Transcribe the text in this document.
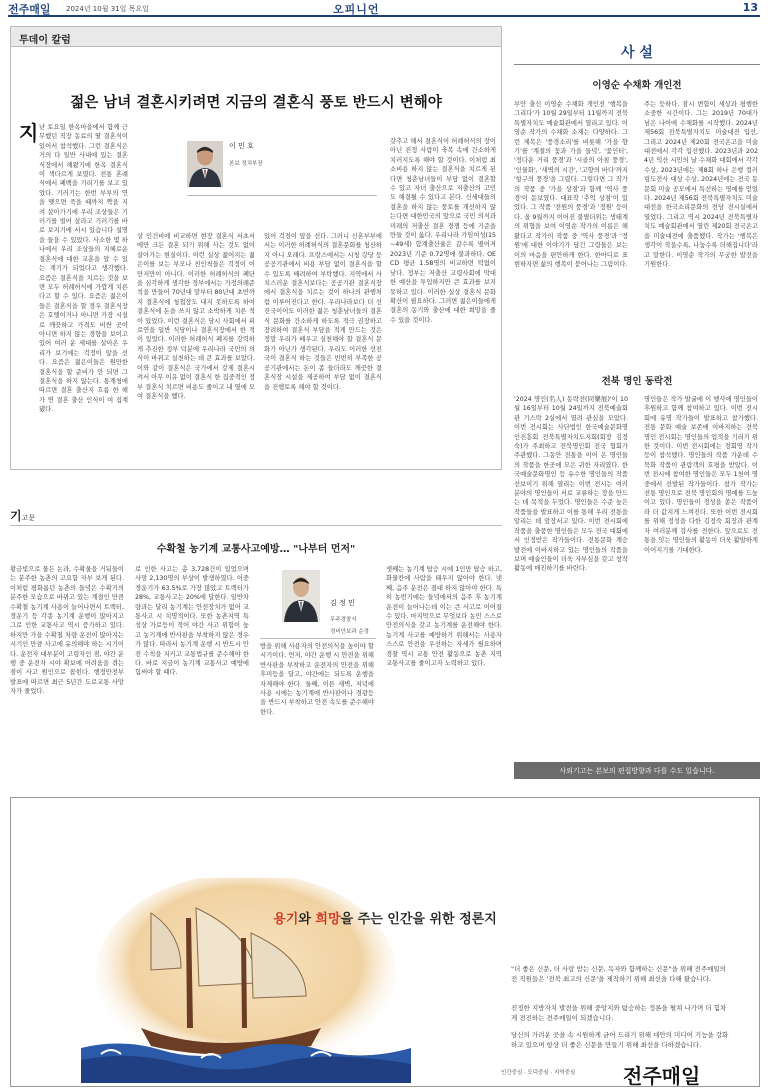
전주매일 2024년 10월 31일 목요일	오피니언	13
투데이 칼럼
젊은 남녀 결혼시키려면 지금의 결혼식 풍토 반드시 변해야
지 난 토요일 한옥마을에서 함께 근무했던 직장 동료의 딸 결혼식이 있어서 참석했다. 그런 결혼식은 거의 다 일반 사내에 있는 결혼식장에서 해왔기에 한옥 결혼식이 색다르게 보였다. 전통 혼례식에서 폐백을 기리기를 보고 있었다. 기러기는 한번 부부의 연을 맺으면 죽을 때까지 짝을 지켜 살아가기에 우리 조상들은 기러기를 빌어 살라고 기러기를 바로 보지기에 서시 있습니다 설명을 들을 수 있었다. 사소한 몇 하나에서 우리 조상들의 지혜로운 결혼식에 대한 교훈을 알 수 있는 계기가 되었다고 생각했다. 요즘은 결혼식을 치르는 것을 보면 모두 허례허식에 가깝게 치른다고 할 수 있다. 요즘은 젊은이들은 결혼식을 할 경우 결혼식장은 호텔이거나 아니면 가장 시설로 깨끗하고 가격도 비싼 곳이 아니면 하지 않는 경향을 보이고 있어 여러 운 세대를 살아온 우리가 보기에는 걱정이 앞을 선다. 요즘은 젊은이들은 원만한 결혼식을 할 준비가 안 되면 그 결혼식을 하지 않는다. 통계청에 따르면 결혼 출산지 흐름 한 해가 연 결혼 출산 인식이 여 집계됐다.

이 민 호
본보 정치부장

상 인건비에 비교하면 현장 결혼식 서초서에만 크든 결혼 되기 위해 사는 것도 없이 살아가는 현실이다. 이런 실상 젊어지는 젊은이를 보는 부모나 친인척들은 걱정이 이만저만이 아니다. 이러한 허례허식의 폐단을 심각하게 생각한 정부에서는 가정의례준칙을 만들어 70년대 말부터 80년대 초반까지 결혼식에 청첩장도 내지 못하도록 하여 결혼식에 돈을 쓰지 않고 소박하게 치른 적이 있었다. 이런 결혼식은 당시 사회에서 피로연을 일반 식당이나 결혼식장에서 한 적이 있었다. 이러한 허례허식 폐지를 강력하게 추진한 정부 덕분에 우리나라 국민의 의식이 바뀌고 실천하는 데 큰 효과를 보았다. 이와 같이 결혼식은 국가에서 강제 결혼시켜서 아무 이유 없이 결혼식 한 집중적인 정부 결혼식 치르면 비용도 줄이고 내 옆에 모여 결혼식을 했다.

있어 걱정이 앞을 선다. 그러니 신혼부부에서는 이러한 허례허식의 결혼문화를 청산하지 아니 오래다. 프랑스에서는 시청 강당 등 공공기관에서 비용 부담 없이 결혼식을 할 수 있도록 배려하여 부탁했다. 지역에서 사치스러운 결혼식보다는 공공기관 결혼식장에서 결혼식을 치르는 것이 하나의 관행처럼 이루어진다고 한다. 우리나라보다 더 선진국이어도 이러한 젊은 청춘남녀들의 결혼식 문화를 간소하게 하도록 적극 권장하고 장려하여 결혼식 부담을 적게 만드는 것은 정말 우리가 배우고 실천해야 할 결혼식 문화가 아닌가 생각된다. 우리도 이러한 선진국이 결혼식 하는 것들은 빈번히 부족한 공공기관에서는 돈이 좀 들더라도 깨끗한 결혼식장 시설을 제공하여 부담 없이 결혼식을 진행토록 해야 할 것이다.

갖추고 해서 결혼식이 허례허식의 장이 아닌 진정 사람이 축복 속에 간소하게 치러지도록 해야 할 것이다. 이처럼 최소비용 하지 않는 결혼식을 치르게 된다면 청춘남녀들이 부담 없이 결혼할 수 있고 자녀 출산으로 저출산의 고민도 해결될 수 있다고 본다. 신세대들의 결혼을 하지 않는 풍토를 개선하지 않는다면 대한민국의 앞으로 국민 의식과 미래의 저출산 결혼 경쟁 등에 기준을 만들 것이 옳다. 우리나라 가임여성(15~49세) 합계출산율은 갈수록 떨어져 2023년 기준 0.72명에 불과하다. OECD 평균 1.58명의 비교하면 턱없이 낮다. 정부는 저출산 고령사회에 막대한 예산을 투입하지만 큰 효과를 보지 못하고 있다. 이러한 실상 결혼식 문화 확산이 필요하다. 그러면 젊은이들에게 결혼의 동기와 출산에 대한 희망을 줄 수 있을 것이다.

사 설
이영순 수채화 개인전

부안 출신 이영순 수채화 개인전 '행복을 그리다'가 10월 29일부터 11월까지 전북특별자치도 예술회관에서 열리고 있다. 이영순 작가의 수채화 소재는 다양하다. 그런 제목은 '풍경소리'를 비롯해 '가을 향기'를 '계절의 꽃과 가을 들녘', '꽃인터', '정다운 거리 풍경'과 '시골의 아침 풍경', '인물화', '새벽의 시간', '고향의 바다'까지 '항구의 풍경'을 그렸다. 그렇다면 그 작가의 작품 중 '가을 상점'과 함께 '역사 풍경'이 돋보였다. 대표작 '추억 상점'이 있었다. 그 작품 '전원의 풍경'과 '정원' 등이다. 올 9월까지 이어진 불볕더위는 생태계의 위협을 보여 이영순 작가의 이름은 해왔다고 작가의 작품 중 '역사 풍경'과 '정원'에 대한 이야기가 담긴 그림들은 보는 이의 마음을 편안하게 한다. 한마디로 표현하자면 삶의 행복이 묻어나는 그림이다.

주는 듯하다. 잠시 변함이 세상과 평행한 소중한 시간이다. 그는 2019년 70대가 넘은 나이에 수채화를 시작했다. 2024년 제56회 전북특별자치도 미술대전 입선, 그리고 2024년 제20회 전국온고을 미술대전에서 각각 입선했다. 2023년과 2024년 익산 시민의 날 수채화 대회에서 각각 수상, 2023년에는 제8회 하나 은행 컬러링도전사 대상 수상, 2024년에는 전국 동문회 미술 공모에서 특선하는 영예를 얻었다. 2024년 제56회 전북특별자치도 미술대전을 한국소리문화의 전당 전시실에서 열었다. 그리고 역시 2024년 전북특별자치도 예술회관에서 열린 제20회 전국온고을 미술대전에 출품했다. 작가는 '행복은 생각이 작을수록, 나눔수록 더해집니다'라고 말한다. 이영순 작가의 무궁한 발전을 기원한다.

전북 명인 동락전

'2024 명인(名人) 동락전(同樂展)'이 10월 16일부터 10월 24일까지 전북예술회관 기스락 2실에서 열려 관심을 모았다. 이번 전시회는 사단법인 한국예술문화명인진흥회 전북특별자치도지회(회장 김정숙)가 주최하고 전북명인회 전국 협회가 주관했다. 그동안 전통을 이어 온 명인들의 작품을 한곳에 모은 귀한 자리였다. 한국예술문화명인 등 유수한 명인들의 작품 선보이기 위해 열리는 이번 전시는 여러 분야의 명인들이 서로 교류하는 장을 만드는 데 목적을 두었다. 명인들은 수준 높은 작품들을 발표하고 이를 통해 우리 전통을 알리는 데 앞장서고 있다. 이번 전시회에 작품을 출품한 명인들은 모두 전국 대회에서 인정받은 작가들이다. 전통문화 계승 발전에 이바지하고 있는 명인들의 작품을 보며 예술인들이 더욱 자부심을 갖고 창작 활동에 매진하기를 바란다.

명인들은 작가 발굴에 이 행사에 명인들이 후원하고 함께 참여하고 있다. 이번 전시회에 유명 작가들이 발표하고 참가했다. 전통 문화 예술 보존에 이바지하는 전북 명인 전시회는 명인들의 업적을 기리기 위한 것이다. 이번 전시회에는 정회영 작가 등이 참석했다. 명인들의 작품 가운데 수묵화 작품이 관람객의 호평을 받았다. 이번 전시에 참여한 명인들은 모두 1천여 명 중에서 선발된 작가들이다. 참가 작가는 전통 명인으로 전북 명인회의 명예를 드높이고 있다. 명인들이 정성을 쏟은 작품이라 더 값지게 느껴진다. 또한 이번 전시회를 위해 정성을 다한 김정숙 회장과 관계자 여러분께 감사를 전한다. 앞으로도 전통을 잇는 명인들의 활동이 더욱 활발하게 이어지기를 기대한다.

사외기고는 본보의 편집방향과 다를 수도 있습니다.
기고문
수확철 농기계 교통사고예방… "나부터 먼저"

황금빛으로 물든 논과, 수확물을 거둬들이는 분주한 농촌의 고요함 자부 보게 된다. 이처럼 평화롭던 농촌의 들녘은 수확기의 분주한 모습으로 바뀌고 있는 계절인 만큼 수확철 농기계 사용이 늘어나면서 트랙터, 경운기 등 각종 농기계 운행이 많아지고 그로 인한 교통사고 역시 증가하고 있다. 하지만 가을 수확철 차량 운전이 많아지는 시기인 만큼 사고에 유의해야 하는 시기이다. 운전자 대부분이 고령자인 점, 야간 운행 중 운전자 시야 확보에 어려움을 겪는 점이 사고 원인으로 꼽힌다. 행정안전부 발표에 따르면 최근 5년간 도로교통 사망자가 줄었다.

로 인한 사고는 총 3,728건이 있었으며 사망 2,130명의 부상이 발생하였다. 이중 경운기가 63.5%로 가장 많았고 트랙터가 28%, 교통사고는 20%에 달한다. 일반차량과는 달리 농기계는 안전장치가 없어 교통사고 시 치명적이다. 또한 농촌지역 특성상 가로등이 적어 야간 사고 위험이 높고 농기계에 반사판을 부착하지 않은 경우가 많다. 따라서 농기계 운행 시 반드시 안전 수칙을 지키고 교통법규를 준수해야 한다. 바로 지금이 농기계 교통사고 예방에 힘써야 할 때다.

김 정 민
무주경찰서
경비안보과 순경

방을 위해 사용자의 안전의식을 높이야 할 시기이다. 먼저, 야간 운행 시 안전을 위해 반사판을 부착하고 운전자의 안전을 위해 후미등을 달고, 야간에는 되도록 운행을 자제해야 한다. 둘째, 이른 새벽, 저녁에 사용 시에는 농기계에 반사판이나 경광등을 반드시 부착하고 안전 속도를 준수해야 한다.

셋째는 농기계 탑승 시에 1인만 탑승 하고, 화물칸에 사람을 태우지 않아야 한다. 넷째, 음주 운전은 절대 하지 않아야 한다. 특히 농번기에는 들녘에서의 음주 후 농기계 운전이 늘어나는데 이는 큰 사고로 이어질 수 있다. 마지막으로 무엇보다 농민 스스로 안전의식을 갖고 농기계를 운전해야 한다. 농기계 사고를 예방하기 위해서는 사용자 스스로 안전을 우선하는 자세가 필요하며 경찰 역시 교통 안전 활동으로 농촌 지역 교통사고를 줄이고자 노력하고 있다.

용기와 희망을 주는 인간을 위한 정론지
"더 좋은 신문, 더 사랑 받는 신문, 독자와 함께하는 신문"을 위해 전주매일의 전 직원들은 '전북 최고의 신문'을 제작하기 위해 최선을 다해 왔습니다.
진정한 지방자치 발전을 위해 중앙지와 탐승하는 정론을 펼쳐 나가며 더 힘차게 전진하는 전주매일이 되겠습니다.
당신의 가려운 곳을 속 시원하게 긁어 드리기 위해 대안의 미디어 기능을 강화하고 있으며 항상 더 좋은 신문을 만들기 위해 최선을 다하겠습니다.
인간중심 · 도덕중심 · 지역중심 전주매일
